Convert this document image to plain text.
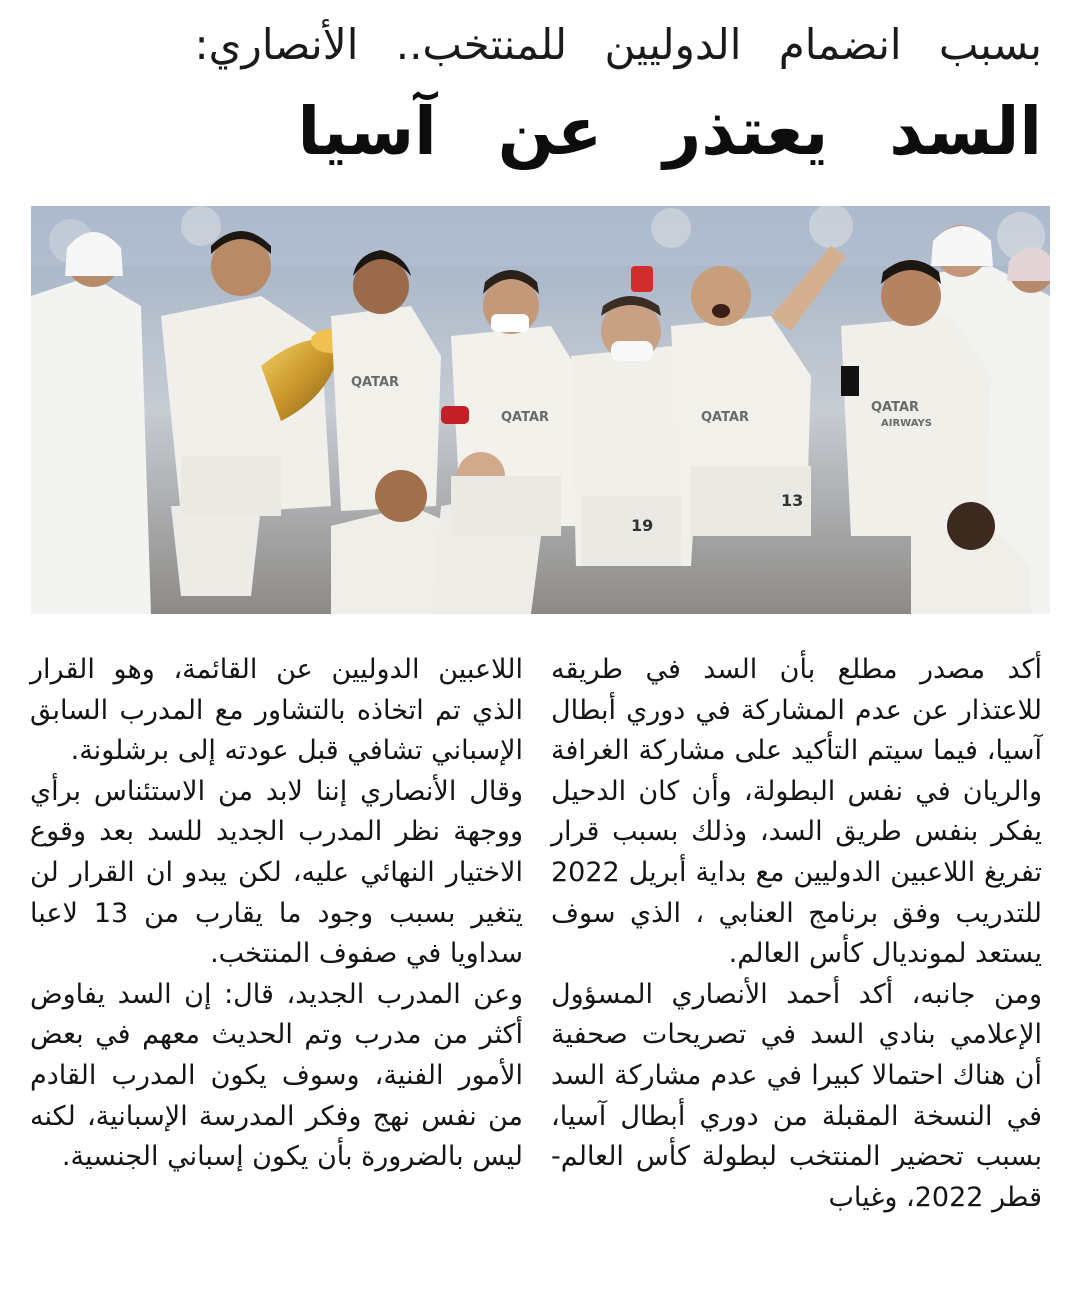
بسبب انضمام الدوليين للمنتخب.. الأنصاري:
السد يعتذر عن آسيا
QATAR
QATAR	QATAR
QATAR
AIRWAYS
19
13

أكد مصدر مطلع بأن السد في طريقه للاعتذار عن عدم المشاركة في دوري أبطال آسيا، فيما سيتم التأكيد على مشاركة الغرافة والريان في نفس البطولة، وأن كان الدحيل يفكر بنفس طريق السد، وذلك بسبب قرار تفريغ اللاعبين الدوليين مع بداية أبريل 2022 للتدريب وفق برنامج العنابي ، الذي سوف يستعد لمونديال كأس العالم.

ومن جانبه، أكد أحمد الأنصاري المسؤول الإعلامي بنادي السد في تصريحات صحفية أن هناك احتمالا كبيرا في عدم مشاركة السد في النسخة المقبلة من دوري أبطال آسيا، بسبب تحضير المنتخب لبطولة كأس العالم- قطر 2022، وغياب

اللاعبين الدوليين عن القائمة، وهو القرار الذي تم اتخاذه بالتشاور مع المدرب السابق الإسباني تشافي قبل عودته إلى برشلونة.

وقال الأنصاري إننا لابد من الاستئناس برأي ووجهة نظر المدرب الجديد للسد بعد وقوع الاختيار النهائي عليه، لكن يبدو ان القرار لن يتغير بسبب وجود ما يقارب من 13 لاعبا سداويا في صفوف المنتخب.

وعن المدرب الجديد، قال: إن السد يفاوض أكثر من مدرب وتم الحديث معهم في بعض الأمور الفنية، وسوف يكون المدرب القادم من نفس نهج وفكر المدرسة الإسبانية، لكنه ليس بالضرورة بأن يكون إسباني الجنسية.
